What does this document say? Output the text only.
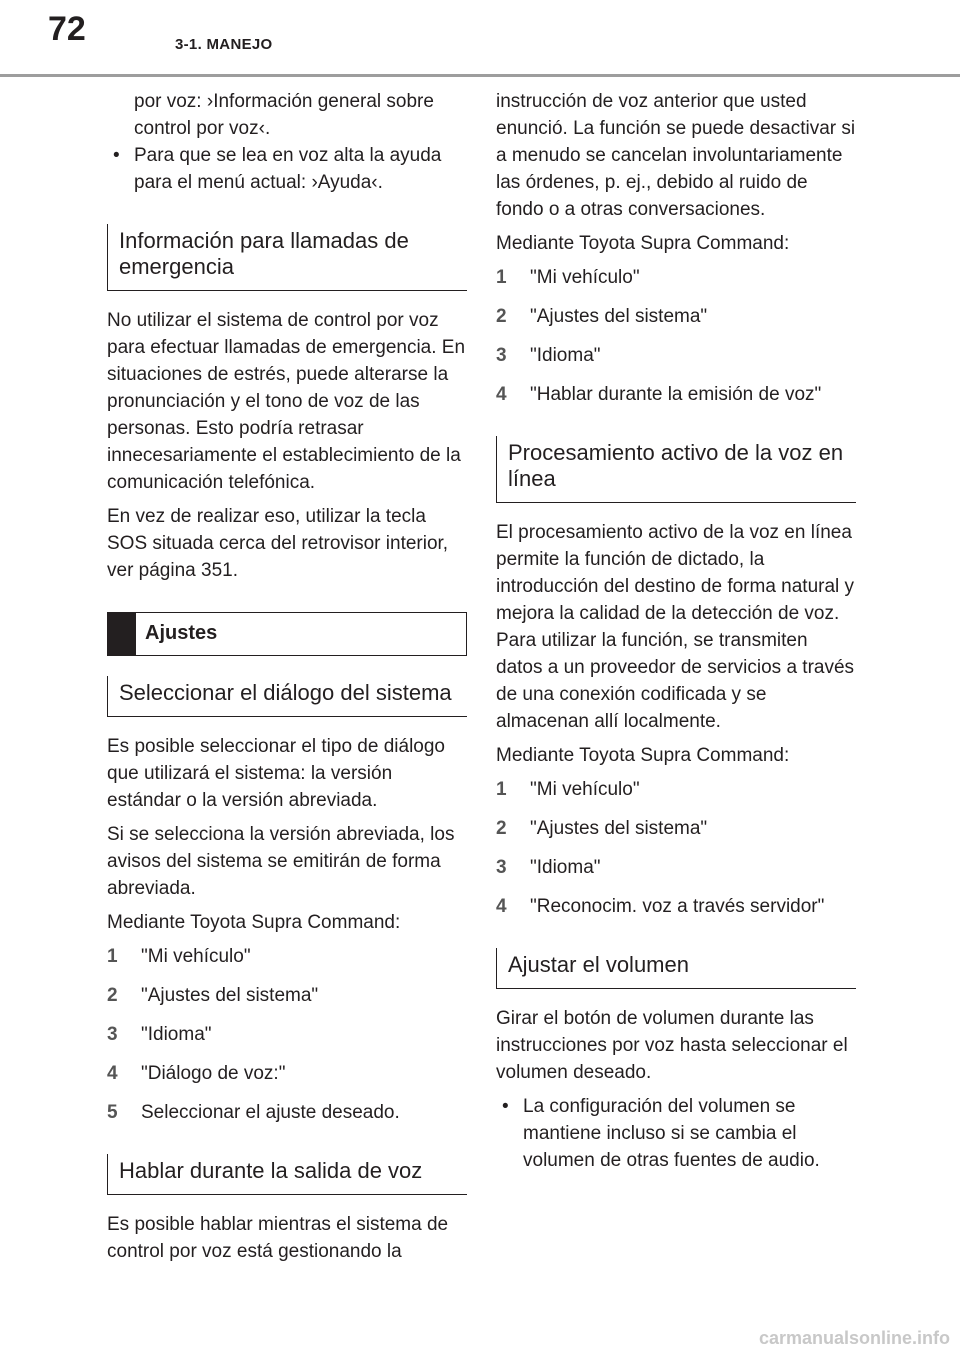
72	3-1. MANEJO

por voz: ›Información general sobre control por voz‹.

• Para que se lea en voz alta la ayuda para el menú actual: ›Ayuda‹.
Información para llamadas de emergencia

No utilizar el sistema de control por voz para efectuar llamadas de emergencia. En situaciones de estrés, puede alterarse la pronunciación y el tono de voz de las personas. Esto podría retrasar innecesariamente el establecimiento de la comunicación telefónica.

En vez de realizar eso, utilizar la tecla SOS situada cerca del retrovisor interior, ver página 351.

Ajustes
Seleccionar el diálogo del sistema

Es posible seleccionar el tipo de diálogo que utilizará el sistema: la versión estándar o la versión abreviada.

Si se selecciona la versión abreviada, los avisos del sistema se emitirán de forma abreviada.

Mediante Toyota Supra Command:

1	"Mi vehículo"
2	"Ajustes del sistema"
3	"Idioma"
4	"Diálogo de voz:"
5	Seleccionar el ajuste deseado.
Hablar durante la salida de voz

Es posible hablar mientras el sistema de control por voz está gestionando la

instrucción de voz anterior que usted enunció. La función se puede desactivar si a menudo se cancelan involuntariamente las órdenes, p. ej., debido al ruido de fondo o a otras conversaciones.

Mediante Toyota Supra Command:

1	"Mi vehículo"
2	"Ajustes del sistema"
3	"Idioma"
4	"Hablar durante la emisión de voz"
Procesamiento activo de la voz en línea

El procesamiento activo de la voz en línea permite la función de dictado, la introducción del destino de forma natural y mejora la calidad de la detección de voz. Para utilizar la función, se transmiten datos a un proveedor de servicios a través de una conexión codificada y se almacenan allí localmente.

Mediante Toyota Supra Command:

1	"Mi vehículo"
2	"Ajustes del sistema"
3	"Idioma"
4	"Reconocim. voz a través servidor"
Ajustar el volumen

Girar el botón de volumen durante las instrucciones por voz hasta seleccionar el volumen deseado.

• La configuración del volumen se mantiene incluso si se cambia el volumen de otras fuentes de audio.
carmanualsonline.info
